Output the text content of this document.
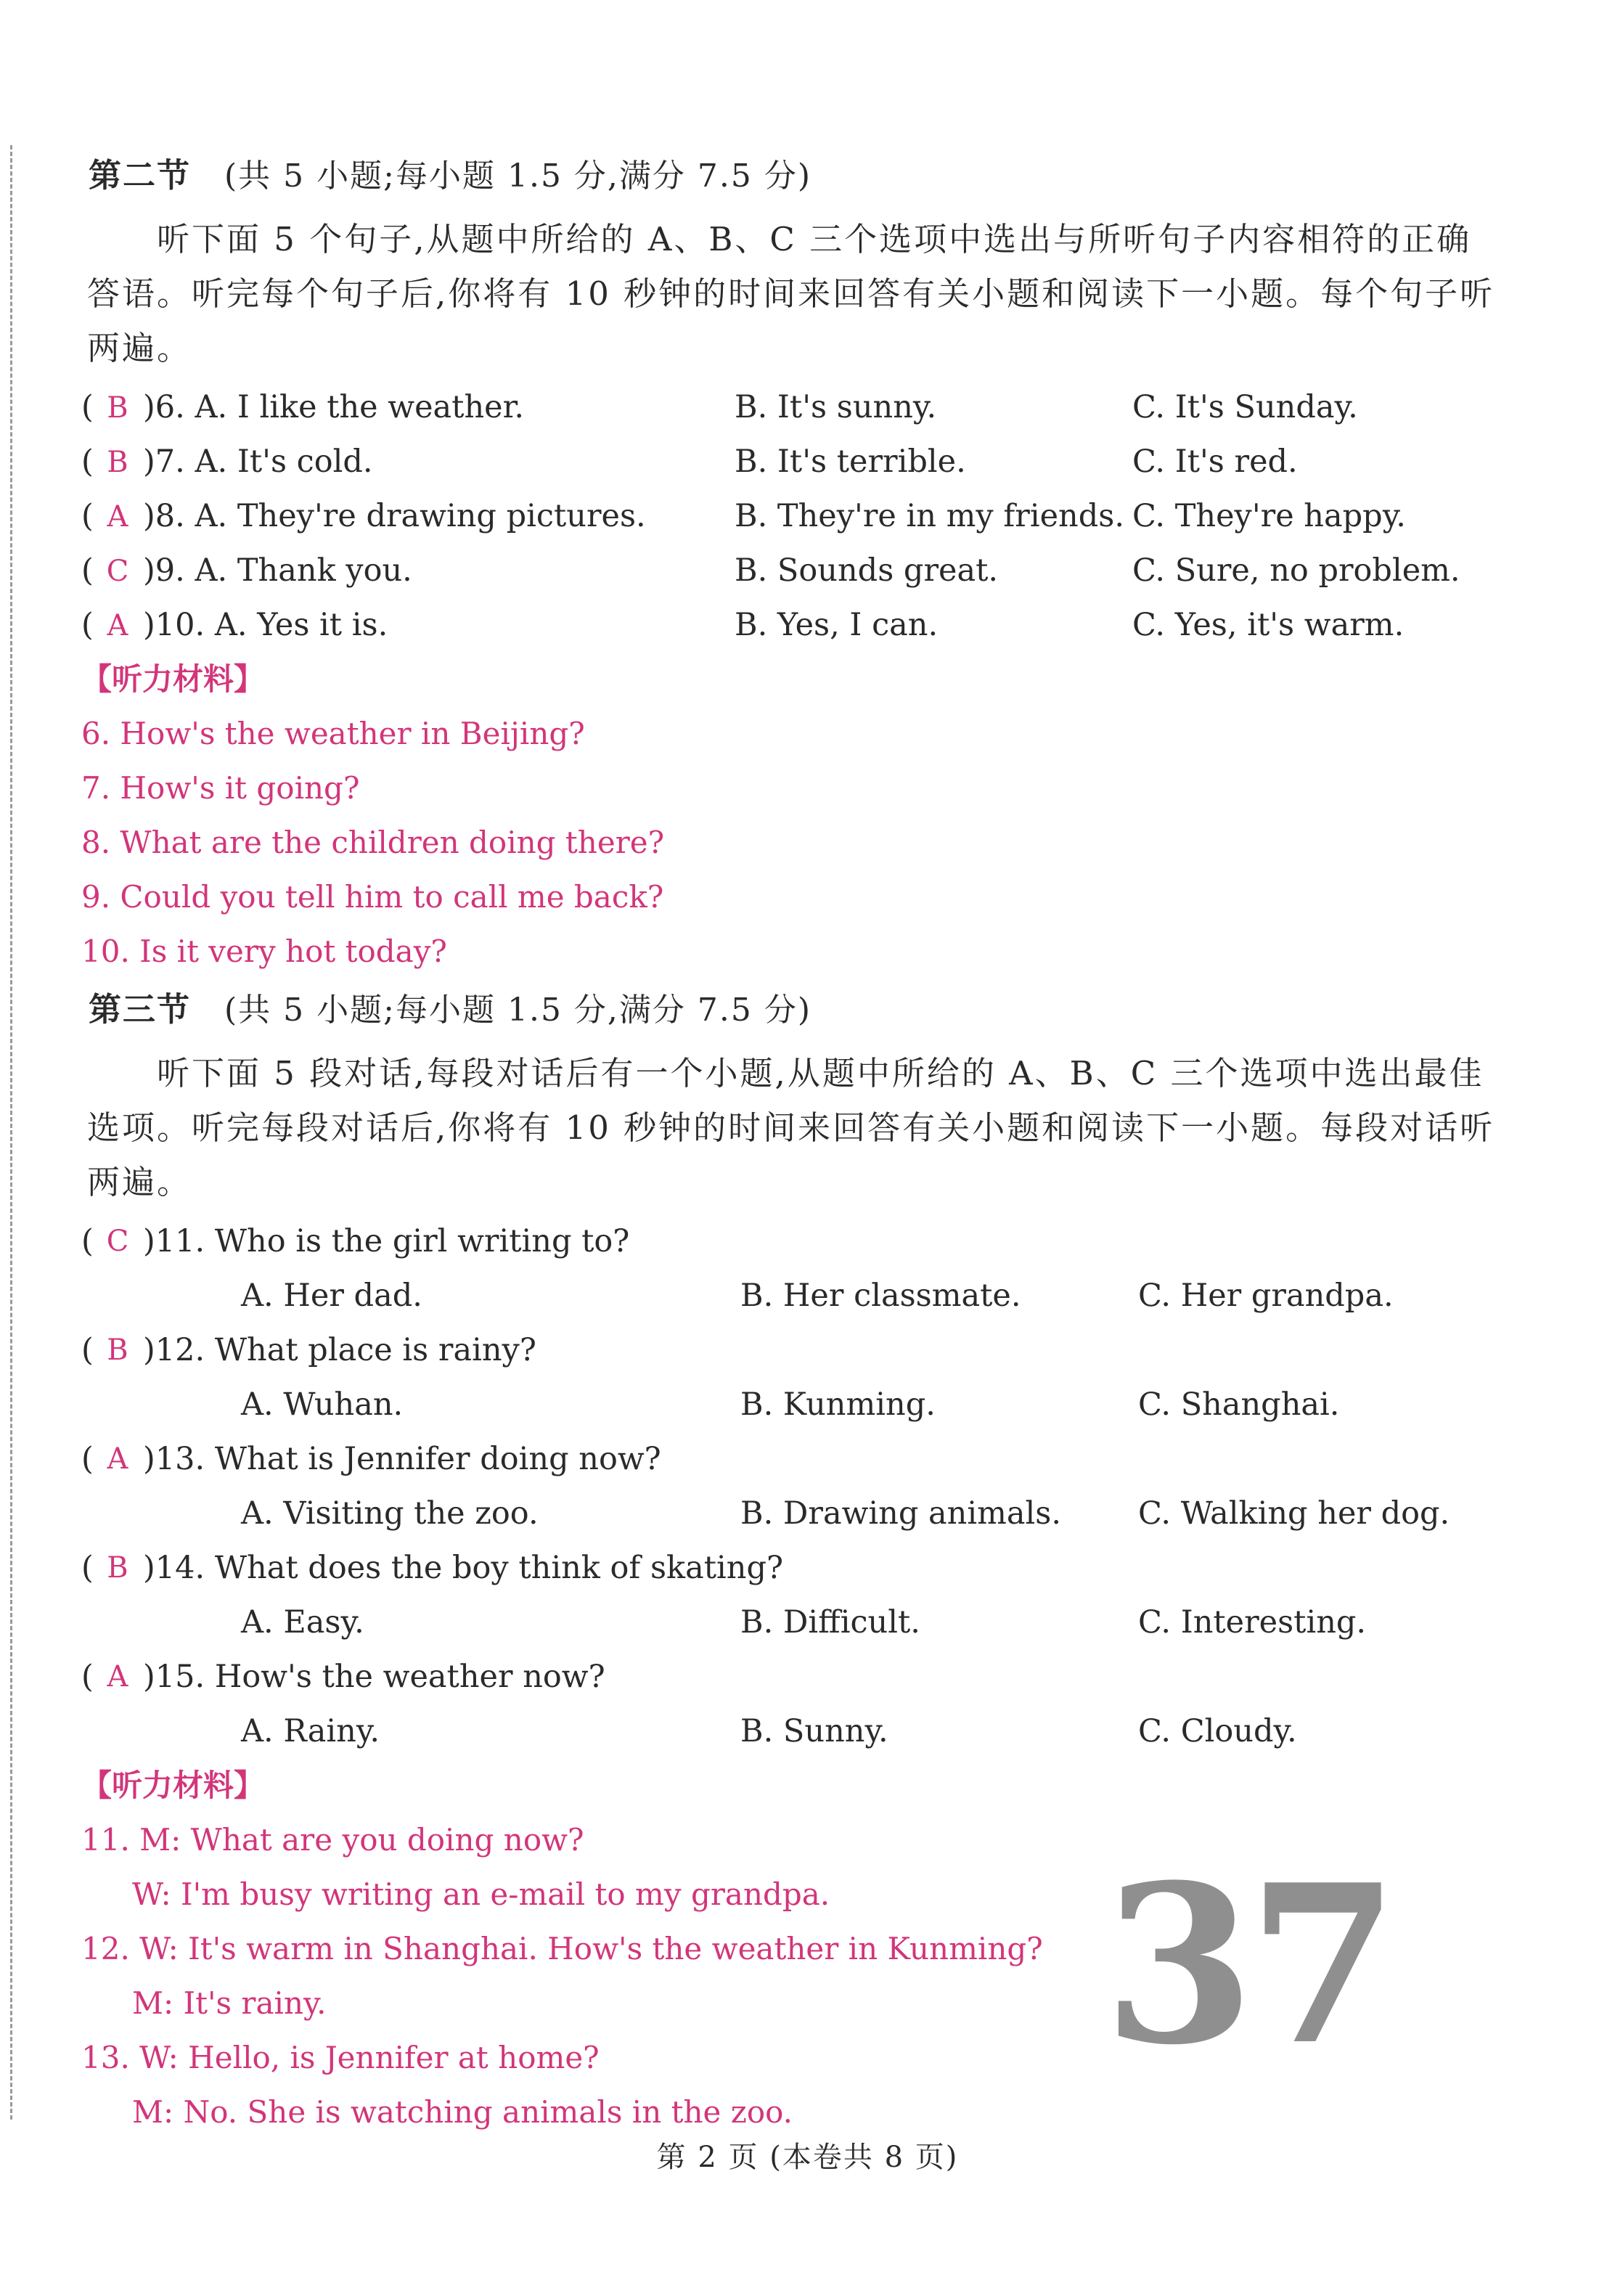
第二节 (共 5 小题;每小题 1.5 分,满分 7.5 分)
听下面 5 个句子,从题中所给的 A、B、C 三个选项中选出与所听句子内容相符的正确答语。听完每个句子后,你将有 10 秒钟的时间来回答有关小题和阅读下一小题。每个句子听两遍。
( B )6. A. I like the weather.	B. It's sunny.	C. It's Sunday.
( B )7. A. It's cold.	B. It's terrible.	C. It's red.
( A )8. A. They're drawing pictures.	B. They're in my friends. C. They're happy.
( C )9. A. Thank you.	B. Sounds great.	C. Sure, no problem.
( A )10. A. Yes it is.	B. Yes, I can.	C. Yes, it's warm.
【听力材料】
6. How's the weather in Beijing?
7. How's it going?
8. What are the children doing there?
9. Could you tell him to call me back?
10. Is it very hot today?
第三节 (共 5 小题;每小题 1.5 分,满分 7.5 分)
听下面 5 段对话,每段对话后有一个小题,从题中所给的 A、B、C 三个选项中选出最佳选项。听完每段对话后,你将有 10 秒钟的时间来回答有关小题和阅读下一小题。每段对话听两遍。
( C )11. Who is the girl writing to?
A. Her dad.	B. Her classmate.	C. Her grandpa.
( B )12. What place is rainy?
A. Wuhan.	B. Kunming.	C. Shanghai.
( A )13. What is Jennifer doing now?
A. Visiting the zoo.	B. Drawing animals.	C. Walking her dog.
( B )14. What does the boy think of skating?
A. Easy.	B. Difficult.	C. Interesting.
( A )15. How's the weather now?
A. Rainy.	B. Sunny.	C. Cloudy.
【听力材料】
11. M: What are you doing now?
W: I'm busy writing an e-mail to my grandpa.
12. W: It's warm in Shanghai. How's the weather in Kunming?
M: It's rainy.
13. W: Hello, is Jennifer at home?
M: No. She is watching animals in the zoo.
37
第 2 页 (本卷共 8 页)
